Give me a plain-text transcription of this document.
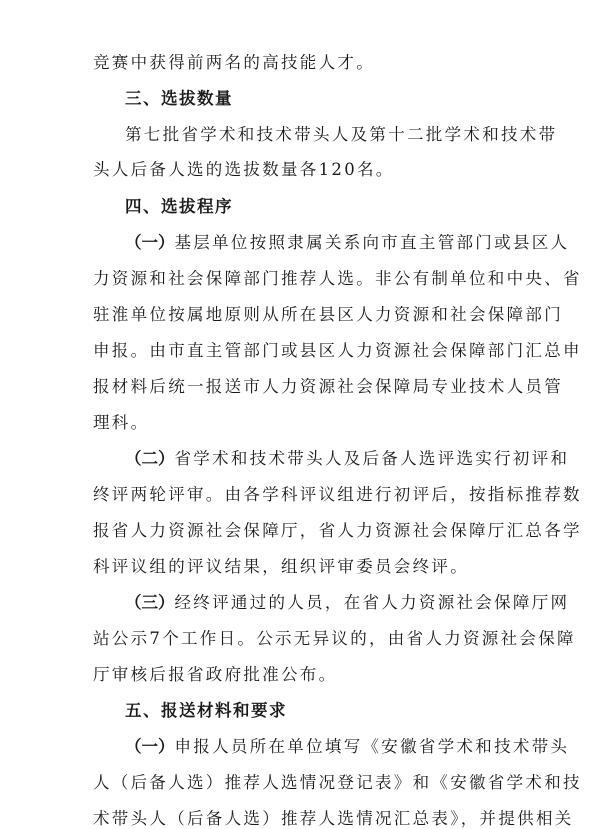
竞赛中获得前两名的高技能人才。
三、选拔数量
第七批省学术和技术带头人及第十二批学术和技术带
头人后备人选的选拔数量各120名。
四、选拔程序
（一）基层单位按照隶属关系向市直主管部门或县区人
力资源和社会保障部门推荐人选。非公有制单位和中央、省
驻淮单位按属地原则从所在县区人力资源和社会保障部门
申报。由市直主管部门或县区人力资源社会保障部门汇总申
报材料后统一报送市人力资源社会保障局专业技术人员管
理科。
（二）省学术和技术带头人及后备人选评选实行初评和
终评两轮评审。由各学科评议组进行初评后，按指标推荐数
报省人力资源社会保障厅，省人力资源社会保障厅汇总各学
科评议组的评议结果，组织评审委员会终评。
（三）经终评通过的人员，在省人力资源社会保障厅网
站公示7个工作日。公示无异议的，由省人力资源社会保障
厅审核后报省政府批准公布。
五、报送材料和要求
（一）申报人员所在单位填写《安徽省学术和技术带头
人（后备人选）推荐人选情况登记表》和《安徽省学术和技
术带头人（后备人选）推荐人选情况汇总表》，并提供相关
